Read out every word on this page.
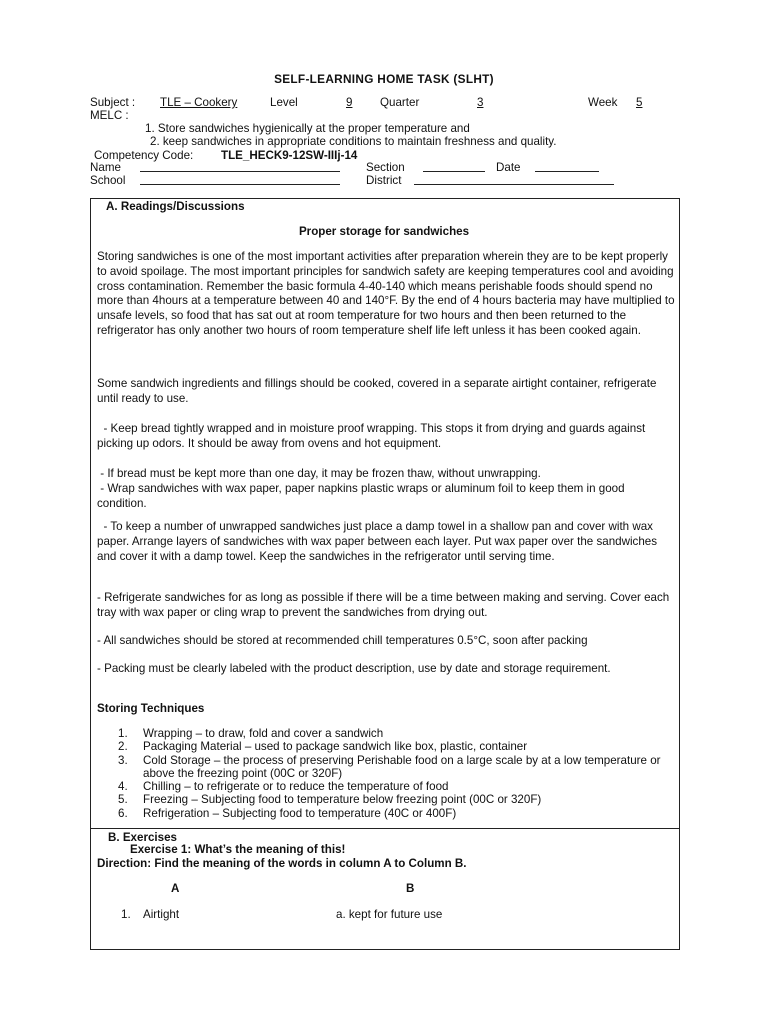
SELF-LEARNING HOME TASK (SLHT)
Subject : TLE – Cookery	Level	9 Quarter	3	Week 5
MELC :
1. Store sandwiches hygienically at the proper temperature and
2. keep sandwiches in appropriate conditions to maintain freshness and quality.
Competency Code: TLE_HECK9-12SW-IIIj-14
Name	Section	Date
School	District
A. Readings/Discussions
Proper storage for sandwiches

Storing sandwiches is one of the most important activities after preparation wherein they are to be kept properly to avoid spoilage. The most important principles for sandwich safety are keeping temperatures cool and avoiding cross contamination. Remember the basic formula 4-40-140 which means perishable foods should spend no more than 4hours at a temperature between 40 and 140°F. By the end of 4 hours bacteria may have multiplied to unsafe levels, so food that has sat out at room temperature for two hours and then been returned to the refrigerator has only another two hours of room temperature shelf life left unless it has been cooked again.

Some sandwich ingredients and fillings should be cooked, covered in a separate airtight container, refrigerate until ready to use.

- Keep bread tightly wrapped and in moisture proof wrapping. This stops it from drying and guards against picking up odors. It should be away from ovens and hot equipment.

- If bread must be kept more than one day, it may be frozen thaw, without unwrapping.

- Wrap sandwiches with wax paper, paper napkins plastic wraps or aluminum foil to keep them in good condition.

- To keep a number of unwrapped sandwiches just place a damp towel in a shallow pan and cover with wax paper. Arrange layers of sandwiches with wax paper between each layer. Put wax paper over the sandwiches and cover it with a damp towel. Keep the sandwiches in the refrigerator until serving time.

- Refrigerate sandwiches for as long as possible if there will be a time between making and serving. Cover each tray with wax paper or cling wrap to prevent the sandwiches from drying out.

- All sandwiches should be stored at recommended chill temperatures 0.5°C, soon after packing

- Packing must be clearly labeled with the product description, use by date and storage requirement.

Storing Techniques
1. Wrapping – to draw, fold and cover a sandwich
2. Packaging Material – used to package sandwich like box, plastic, container
3. Cold Storage – the process of preserving Perishable food on a large scale by at a low temperature or above the freezing point (00C or 320F)
4. Chilling – to refrigerate or to reduce the temperature of food
5. Freezing – Subjecting food to temperature below freezing point (00C or 320F)
6. Refrigeration – Subjecting food to temperature (40C or 400F)
B. Exercises
Exercise 1: What’s the meaning of this!
Direction: Find the meaning of the words in column A to Column B.
A	B
1. Airtight	a. kept for future use
